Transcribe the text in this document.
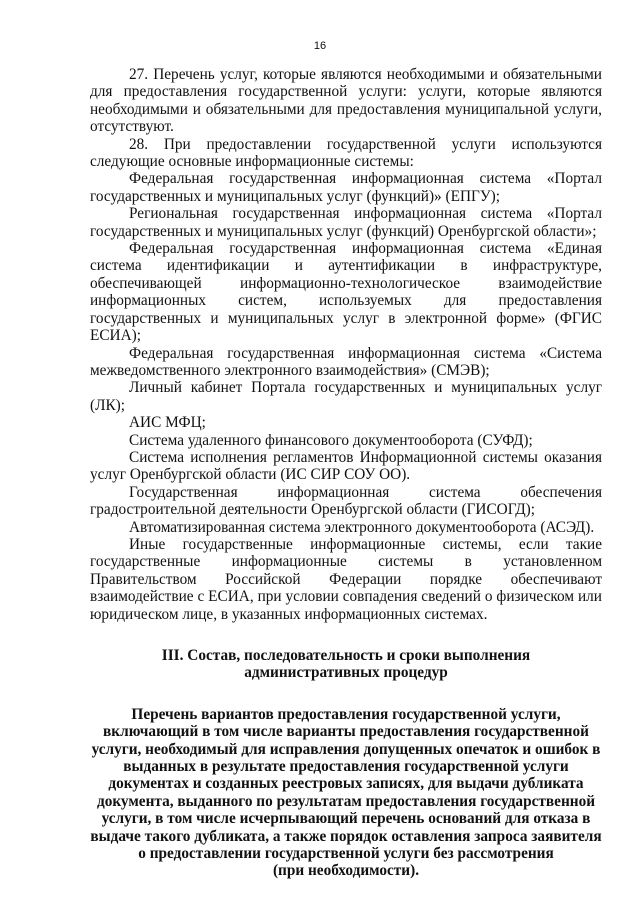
16

27. Перечень услуг, которые являются необходимыми и обязательными для предоставления государственной услуги: услуги, которые являются необходимыми и обязательными для предоставления муниципальной услуги, отсутствуют.

28. При предоставлении государственной услуги используются следующие основные информационные системы:

Федеральная государственная информационная система «Портал государственных и муниципальных услуг (функций)» (ЕПГУ);

Региональная государственная информационная система «Портал государственных и муниципальных услуг (функций) Оренбургской области»;

Федеральная государственная информационная система «Единая система идентификации и аутентификации в инфраструктуре, обеспечивающей информационно-технологическое взаимодействие информационных систем, используемых для предоставления государственных и муниципальных услуг в электронной форме» (ФГИС ЕСИА);

Федеральная государственная информационная система «Система межведомственного электронного взаимодействия» (СМЭВ);

Личный кабинет Портала государственных и муниципальных услуг (ЛК);

АИС МФЦ;

Система удаленного финансового документооборота (СУФД);

Система исполнения регламентов Информационной системы оказания услуг Оренбургской области (ИС СИР СОУ ОО).

Государственная информационная система обеспечения градостроительной деятельности Оренбургской области (ГИСОГД);

Автоматизированная система электронного документооборота (АСЭД).

Иные государственные информационные системы, если такие государственные информационные системы в установленном Правительством Российской Федерации порядке обеспечивают взаимодействие с ЕСИА, при условии совпадения сведений о физическом или юридическом лице, в указанных информационных системах.

III. Состав, последовательность и сроки выполнения

административных процедур

Перечень вариантов предоставления государственной услуги,

включающий в том числе варианты предоставления государственной

услуги, необходимый для исправления допущенных опечаток и ошибок в

выданных в результате предоставления государственной услуги

документах и созданных реестровых записях, для выдачи дубликата

документа, выданного по результатам предоставления государственной

услуги, в том числе исчерпывающий перечень оснований для отказа в

выдаче такого дубликата, а также порядок оставления запроса заявителя

о предоставлении государственной услуги без рассмотрения

(при необходимости).
